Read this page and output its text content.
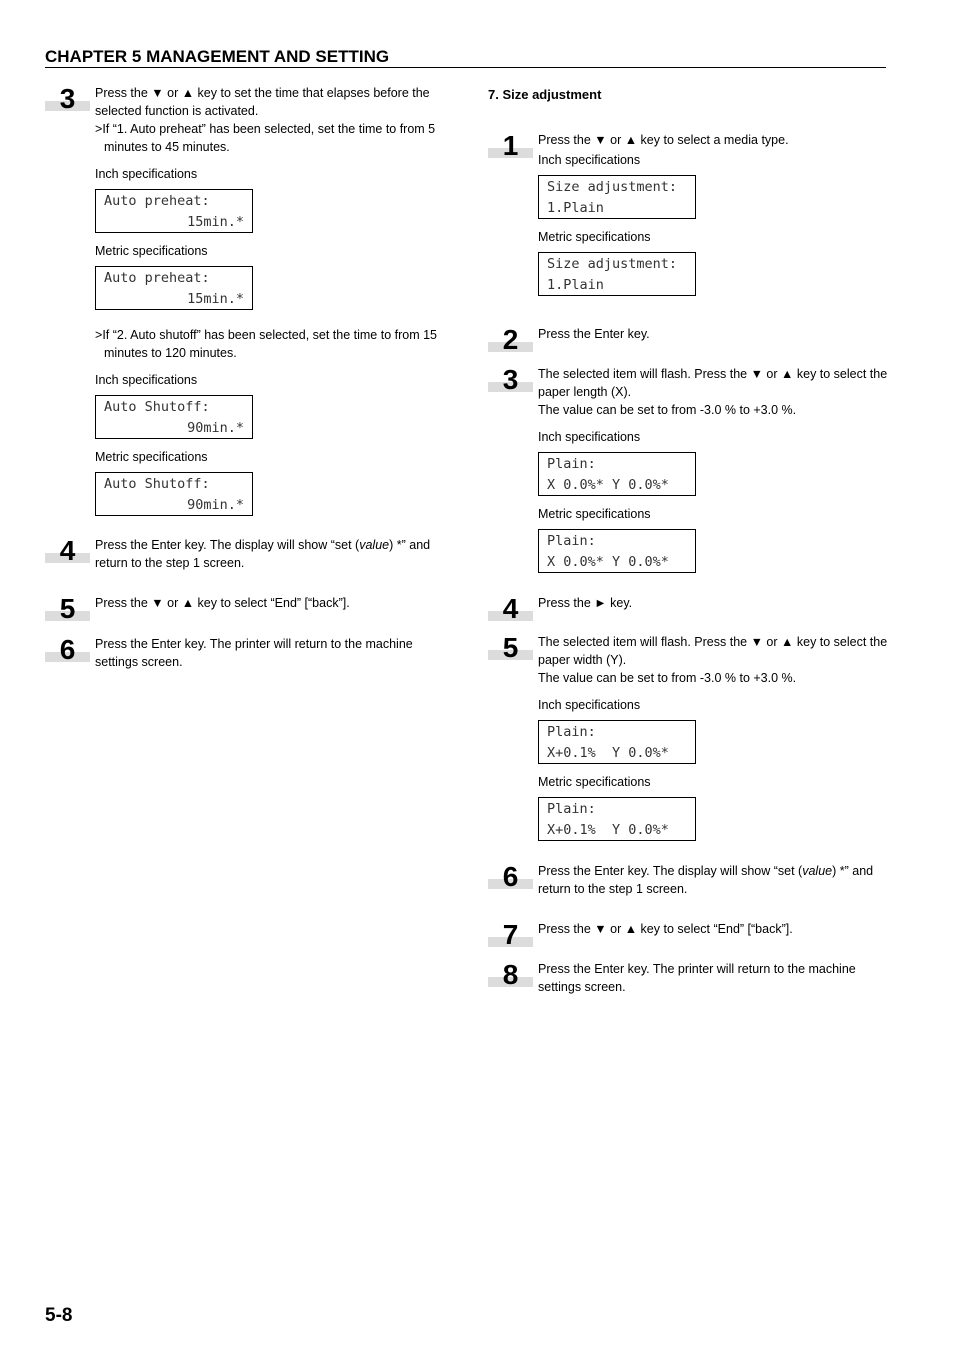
CHAPTER 5 MANAGEMENT AND SETTING
3	Press the ▼ or ▲ key to set the time that elapses before the selected function is activated.
>If “1. Auto preheat” has been selected, set the time to from 5 minutes to 45 minutes.
Inch specifications
Auto preheat:
15min.*
Metric specifications
Auto preheat:
15min.*
>If “2. Auto shutoff” has been selected, set the time to from 15 minutes to 120 minutes.
Inch specifications
Auto Shutoff:
90min.*
Metric specifications
Auto Shutoff:
90min.*
4	Press the Enter key. The display will show “set (value) *” and return to the step 1 screen.
5	Press the ▼ or ▲ key to select “End” [“back”].
6	Press the Enter key. The printer will return to the machine settings screen.
7. Size adjustment
1	Press the ▼ or ▲ key to select a media type.
Inch specifications
Size adjustment:
1.Plain
Metric specifications
Size adjustment:
1.Plain
2	Press the Enter key.
3	The selected item will flash. Press the ▼ or ▲ key to select the paper length (X).
The value can be set to from -3.0 % to +3.0 %.
Inch specifications
Plain:
X 0.0%* Y 0.0%*
Metric specifications
Plain:
X 0.0%* Y 0.0%*
4	Press the ► key.
5	The selected item will flash. Press the ▼ or ▲ key to select the paper width (Y).
The value can be set to from -3.0 % to +3.0 %.
Inch specifications
Plain:
X+0.1%  Y 0.0%*
Metric specifications
Plain:
X+0.1%  Y 0.0%*
6	Press the Enter key. The display will show “set (value) *” and return to the step 1 screen.
7	Press the ▼ or ▲ key to select “End” [“back”].
8	Press the Enter key. The printer will return to the machine settings screen.
5-8
